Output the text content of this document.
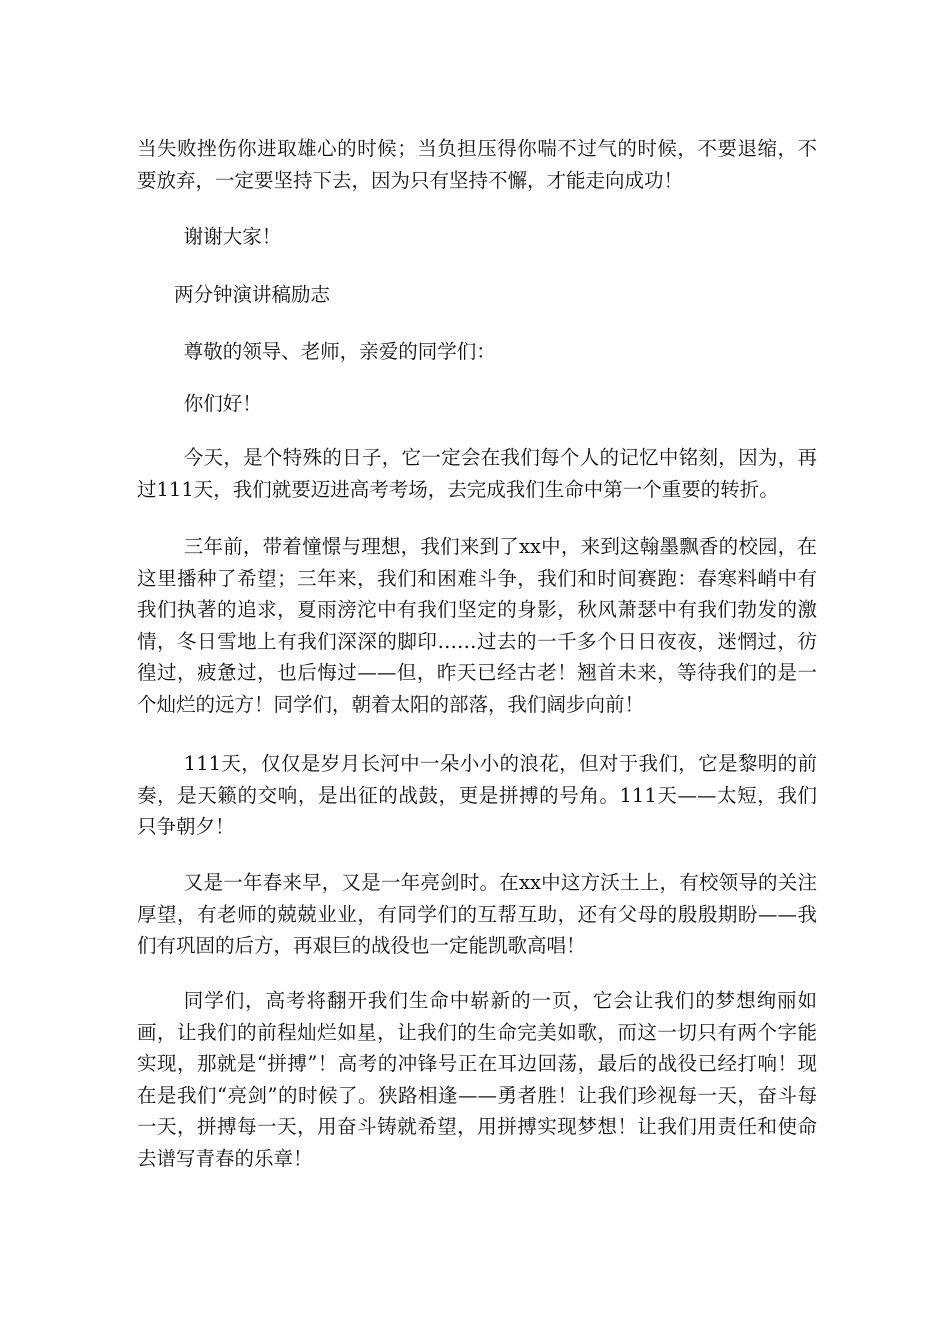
当失败挫伤你进取雄心的时候；当负担压得你喘不过气的时候，不要退缩，不要放弃，一定要坚持下去，因为只有坚持不懈，才能走向成功！

谢谢大家！

两分钟演讲稿励志

尊敬的领导、老师，亲爱的同学们：

你们好！

今天，是个特殊的日子，它一定会在我们每个人的记忆中铭刻，因为，再过111天，我们就要迈进高考考场，去完成我们生命中第一个重要的转折。

三年前，带着憧憬与理想，我们来到了xx中，来到这翰墨飘香的校园，在这里播种了希望；三年来，我们和困难斗争，我们和时间赛跑：春寒料峭中有我们执著的追求，夏雨滂沱中有我们坚定的身影，秋风萧瑟中有我们勃发的激情，冬日雪地上有我们深深的脚印……过去的一千多个日日夜夜，迷惘过，彷徨过，疲惫过，也后悔过——但，昨天已经古老！翘首未来，等待我们的是一个灿烂的远方！同学们，朝着太阳的部落，我们阔步向前！

111天，仅仅是岁月长河中一朵小小的浪花，但对于我们，它是黎明的前奏，是天籁的交响，是出征的战鼓，更是拼搏的号角。111天——太短，我们只争朝夕！

又是一年春来早，又是一年亮剑时。在xx中这方沃土上，有校领导的关注厚望，有老师的兢兢业业，有同学们的互帮互助，还有父母的殷殷期盼——我们有巩固的后方，再艰巨的战役也一定能凯歌高唱！

同学们，高考将翻开我们生命中崭新的一页，它会让我们的梦想绚丽如画，让我们的前程灿烂如星，让我们的生命完美如歌，而这一切只有两个字能实现，那就是“拼搏”！高考的冲锋号正在耳边回荡，最后的战役已经打响！现在是我们“亮剑”的时候了。狭路相逢——勇者胜！让我们珍视每一天，奋斗每一天，拼搏每一天，用奋斗铸就希望，用拼搏实现梦想！让我们用责任和使命去谱写青春的乐章！
